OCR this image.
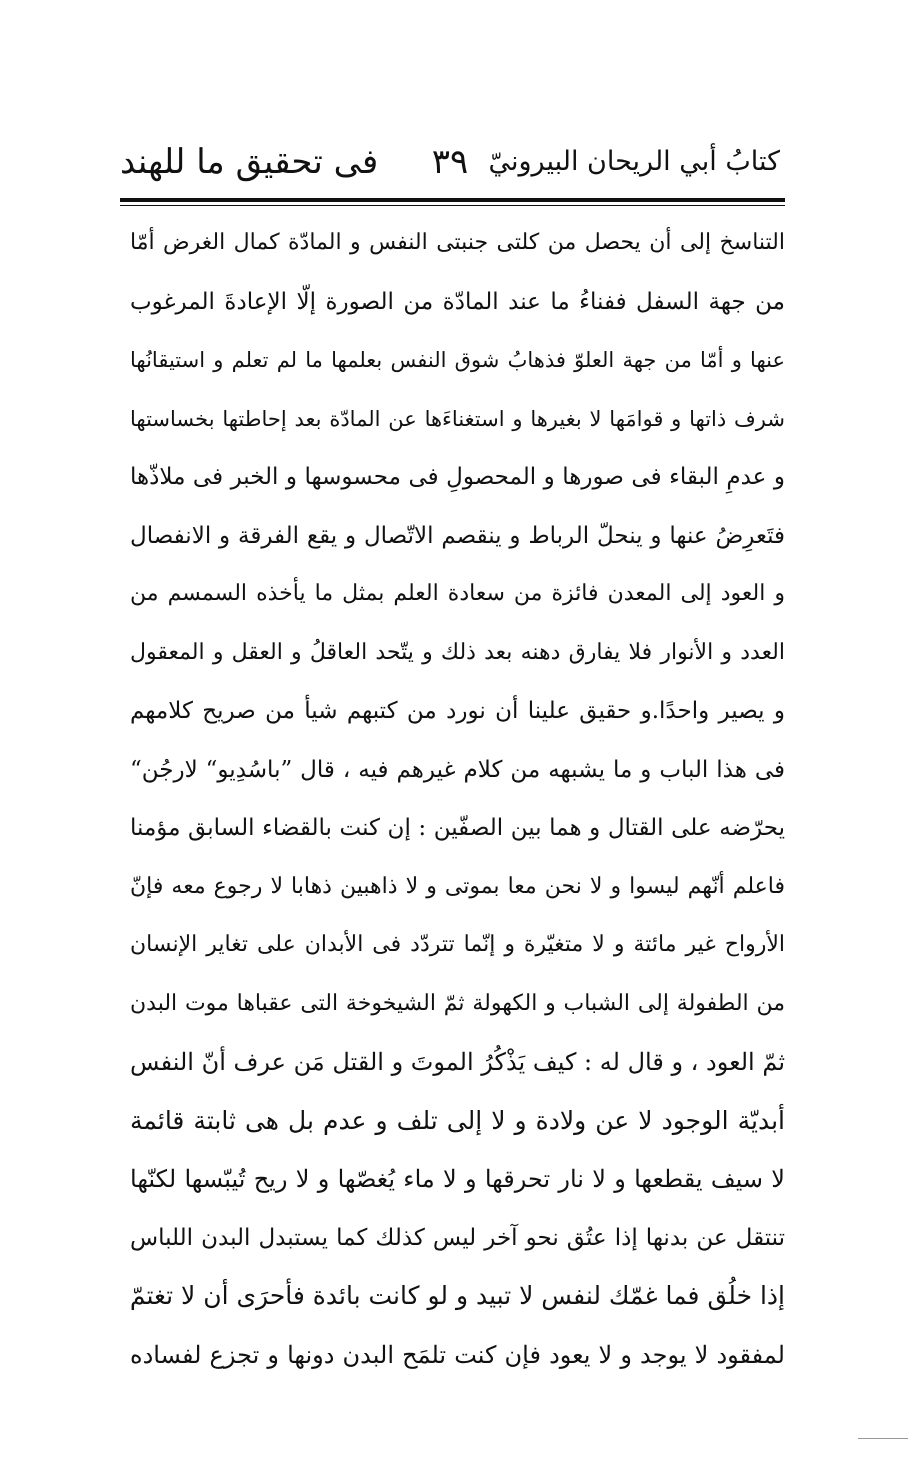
كتابُ أبي الريحان البيرونيّ
٣٩
فى تحقيق ما للهند
التناسخ إلى أن يحصل من كلتى جنبتى النفس و المادّة كمال الغرض أمّا
من جهة السفل ففناءُ ما عند المادّة من الصورة إلّا الإعادةَ المرغوب
عنها و أمّا من جهة العلوّ فذهابُ شوق النفس بعلمها ما لم تعلم و استيقانُها
شرف ذاتها و قوامَها لا بغيرها و استغناءَها عن المادّة بعد إحاطتها بخساستها
و عدمِ البقاء فى صورها و المحصولِ فى محسوسها و الخبر فى ملاذّها
فتَعرِضُ عنها و ينحلّ الرباط و ينقصم الاتّصال و يقع الفرقة و الانفصال
و العود إلى المعدن فائزة من سعادة العلم بمثل ما يأخذه السمسم من
العدد و الأنوار فلا يفارق دهنه بعد ذلك و يتّحد العاقلُ و العقل و المعقول
و يصير واحدًا.و حقيق علينا أن نورد من كتبهم شيأ من صريح كلامهم
فى هذا الباب و ما يشبهه من كلام غيرهم فيه ، قال ”باسُدِيو“ لارجُن“
يحرّضه على القتال و هما بين الصفّين : إن كنت بالقضاء السابق مؤمنا
فاعلم أنّهم ليسوا و لا نحن معا بموتى و لا ذاهبين ذهابا لا رجوع معه فإنّ
الأرواح غير مائتة و لا متغيّرة و إنّما تتردّد فى الأبدان على تغاير الإنسان
من الطفولة إلى الشباب و الكهولة ثمّ الشيخوخة التى عقباها موت البدن
ثمّ العود ، و قال له : كيف يَذْكُرُ الموتَ و القتل مَن عرف أنّ النفس
أبديّة الوجود لا عن ولادة و لا إلى تلف و عدم بل هى ثابتة قائمة
لا سيف يقطعها و لا نار تحرقها و لا ماء يُغصّها و لا ريح تُيبّسها لكنّها
تنتقل عن بدنها إذا عتُق نحو آخر ليس كذلك كما يستبدل البدن اللباس
إذا خلُق فما غمّك لنفس لا تبيد و لو كانت بائدة فأحرَى أن لا تغتمّ
لمفقود لا يوجد و لا يعود فإن كنت تلمَح البدن دونها و تجزع لفساده
